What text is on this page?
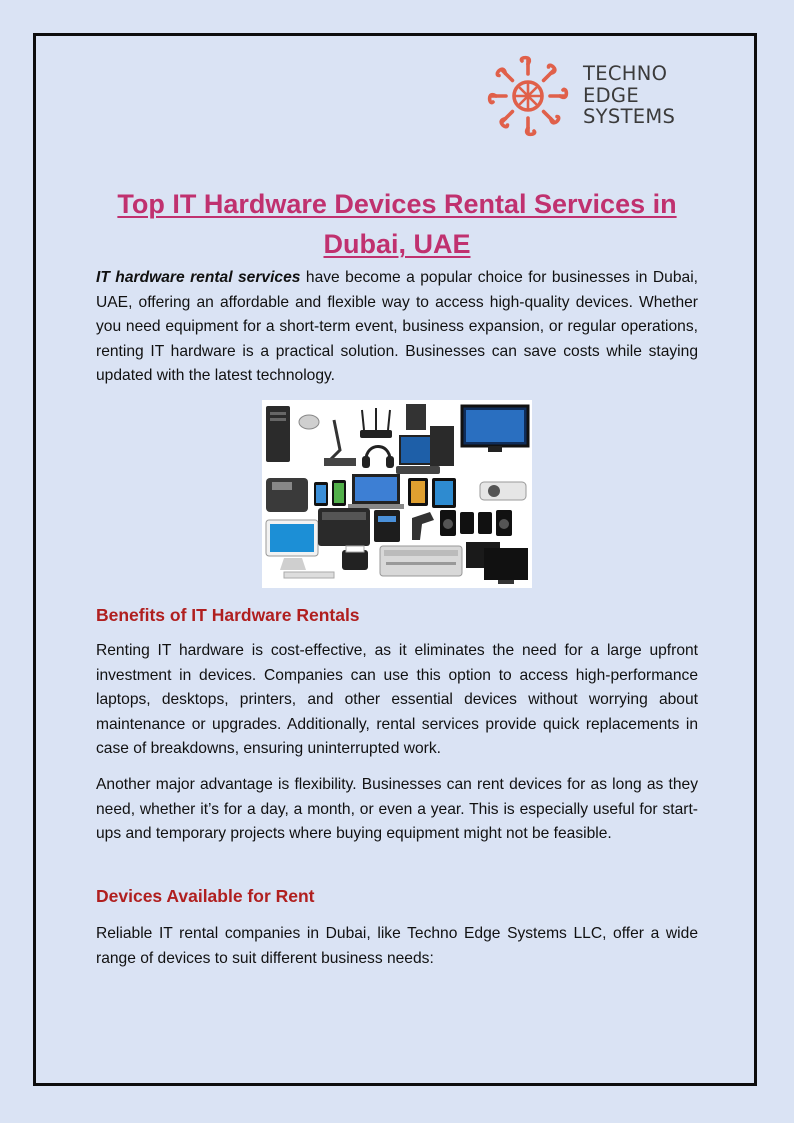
TECHNO
EDGE
SYSTEMS
Top IT Hardware Devices Rental Services in Dubai, UAE

IT hardware rental services have become a popular choice for businesses in Dubai, UAE, offering an affordable and flexible way to access high-quality devices. Whether you need equipment for a short-term event, business expansion, or regular operations, renting IT hardware is a practical solution. Businesses can save costs while staying updated with the latest technology.

Benefits of IT Hardware Rentals

Renting IT hardware is cost-effective, as it eliminates the need for a large upfront investment in devices. Companies can use this option to access high-performance laptops, desktops, printers, and other essential devices without worrying about maintenance or upgrades. Additionally, rental services provide quick replacements in case of breakdowns, ensuring uninterrupted work.

Another major advantage is flexibility. Businesses can rent devices for as long as they need, whether it’s for a day, a month, or even a year. This is especially useful for start-ups and temporary projects where buying equipment might not be feasible.

Devices Available for Rent

Reliable IT rental companies in Dubai, like Techno Edge Systems LLC, offer a wide range of devices to suit different business needs:
